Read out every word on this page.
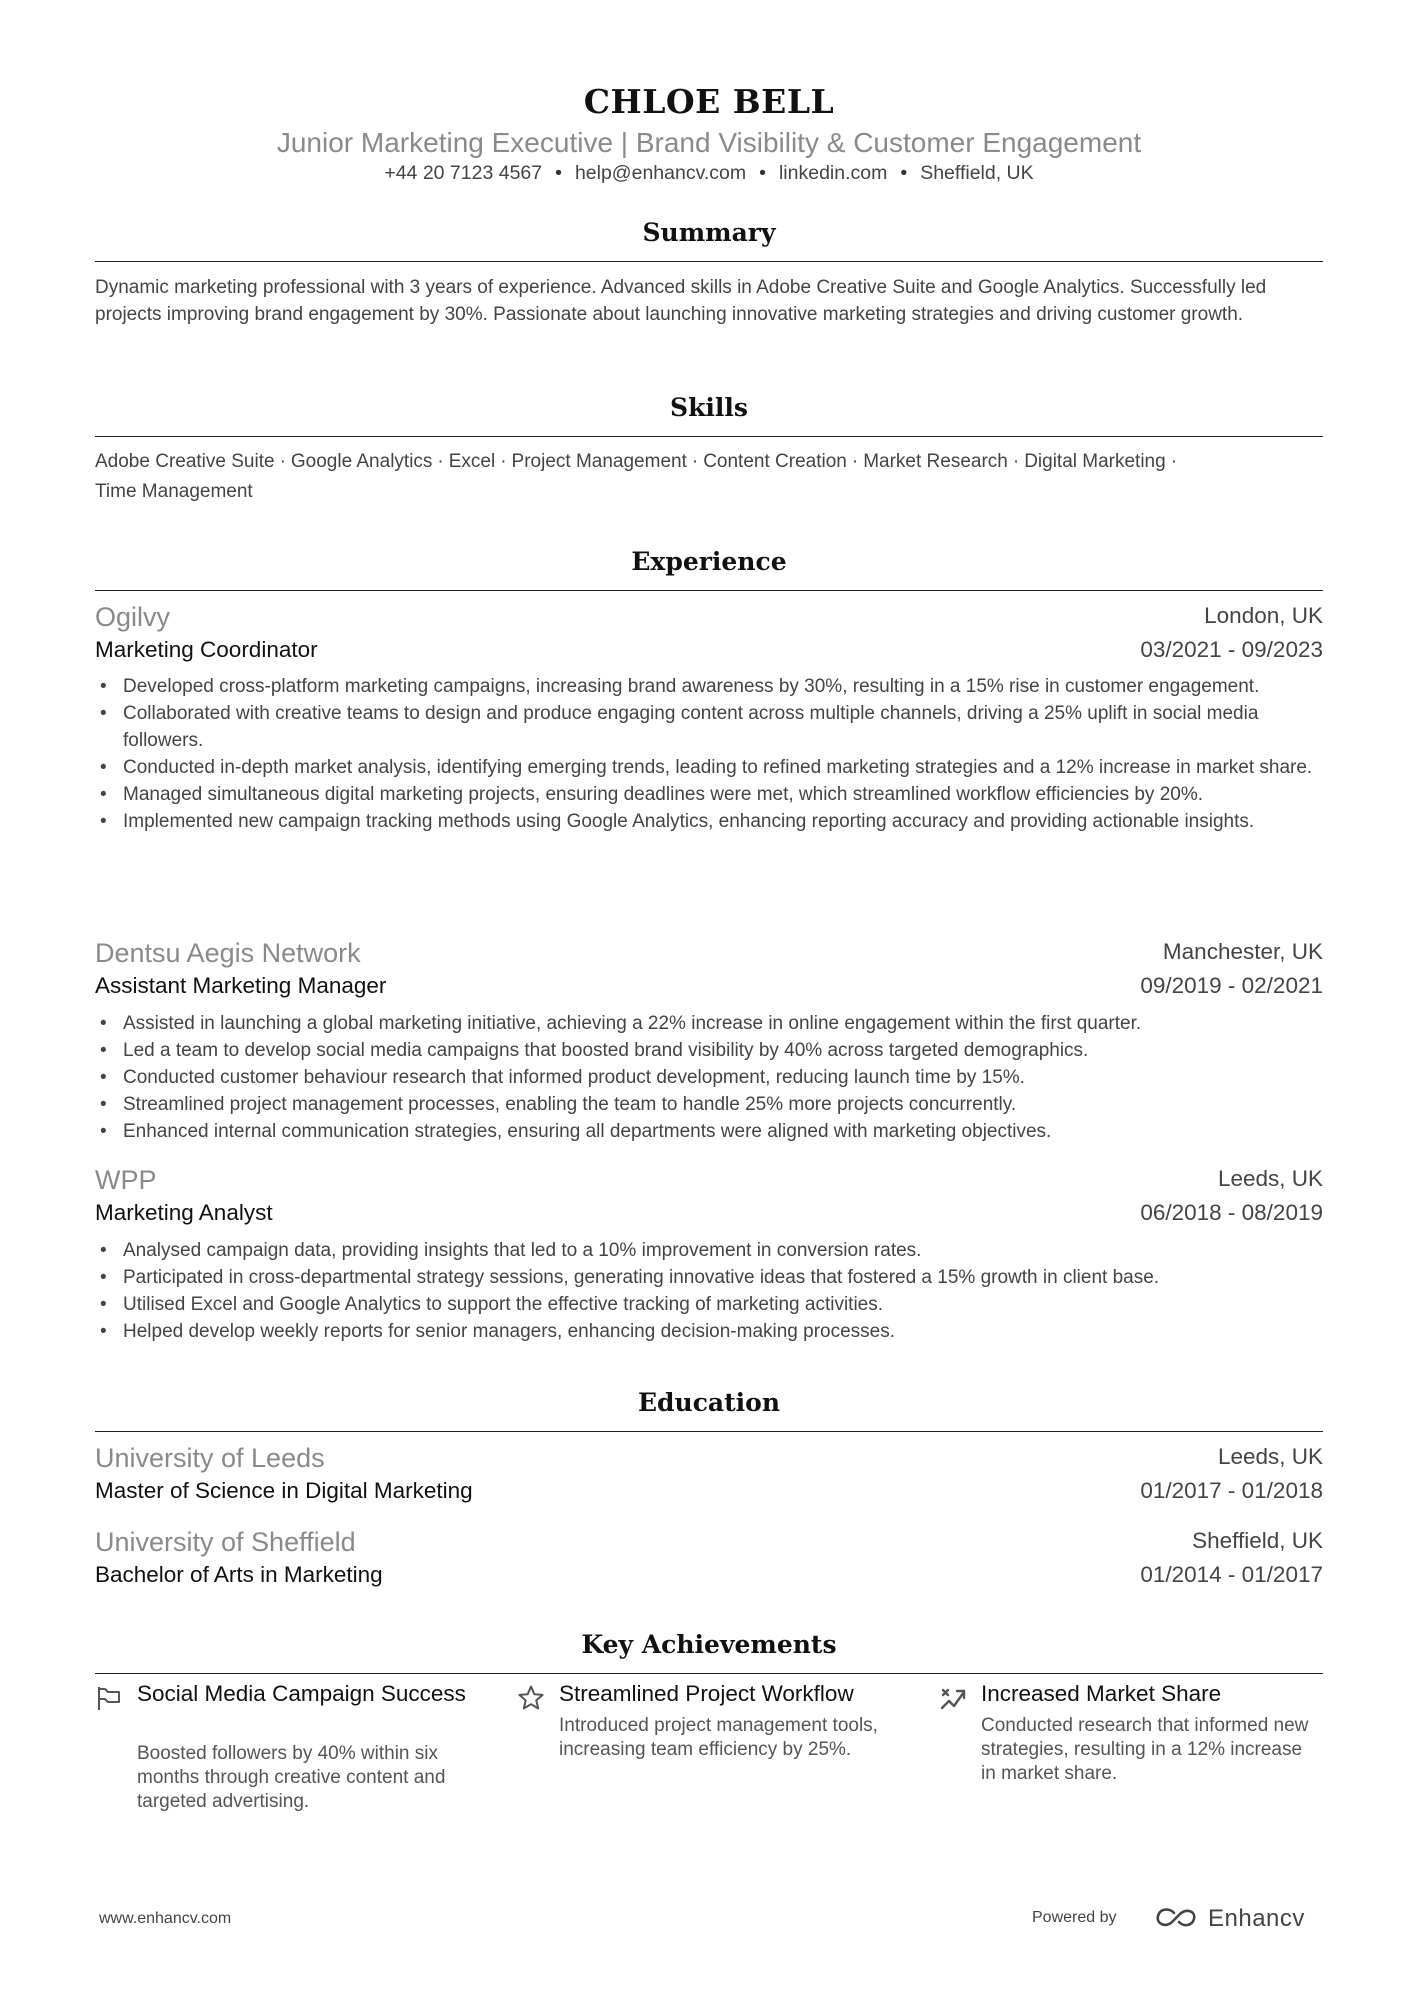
CHLOE BELL
Junior Marketing Executive | Brand Visibility & Customer Engagement
+44 20 7123 4567 • help@enhancv.com • linkedin.com • Sheffield, UK
Summary

Dynamic marketing professional with 3 years of experience. Advanced skills in Adobe Creative Suite and Google Analytics. Successfully led projects improving brand engagement by 30%. Passionate about launching innovative marketing strategies and driving customer growth.

Skills

Adobe Creative Suite · Google Analytics · Excel · Project Management · Content Creation · Market Research · Digital Marketing ·
Time Management

Experience
Ogilvy	London, UK
Marketing Coordinator	03/2021 - 09/2023
• Developed cross-platform marketing campaigns, increasing brand awareness by 30%, resulting in a 15% rise in customer engagement.
• Collaborated with creative teams to design and produce engaging content across multiple channels, driving a 25% uplift in social media followers.
• Conducted in-depth market analysis, identifying emerging trends, leading to refined marketing strategies and a 12% increase in market share.
• Managed simultaneous digital marketing projects, ensuring deadlines were met, which streamlined workflow efficiencies by 20%.
• Implemented new campaign tracking methods using Google Analytics, enhancing reporting accuracy and providing actionable insights.
Dentsu Aegis Network	Manchester, UK
Assistant Marketing Manager	09/2019 - 02/2021
• Assisted in launching a global marketing initiative, achieving a 22% increase in online engagement within the first quarter.
• Led a team to develop social media campaigns that boosted brand visibility by 40% across targeted demographics.
• Conducted customer behaviour research that informed product development, reducing launch time by 15%.
• Streamlined project management processes, enabling the team to handle 25% more projects concurrently.
• Enhanced internal communication strategies, ensuring all departments were aligned with marketing objectives.
WPP	Leeds, UK
Marketing Analyst	06/2018 - 08/2019
• Analysed campaign data, providing insights that led to a 10% improvement in conversion rates.
• Participated in cross-departmental strategy sessions, generating innovative ideas that fostered a 15% growth in client base.
• Utilised Excel and Google Analytics to support the effective tracking of marketing activities.
• Helped develop weekly reports for senior managers, enhancing decision-making processes.
Education
University of Leeds	Leeds, UK
Master of Science in Digital Marketing	01/2017 - 01/2018
University of Sheffield	Sheffield, UK
Bachelor of Arts in Marketing	01/2014 - 01/2017
Key Achievements
Social Media Campaign Success
Boosted followers by 40% within six months through creative content and targeted advertising.
Streamlined Project Workflow
Introduced project management tools, increasing team efficiency by 25%.
Increased Market Share
Conducted research that informed new strategies, resulting in a 12% increase in market share.
www.enhancv.com	Powered by	Enhancv
